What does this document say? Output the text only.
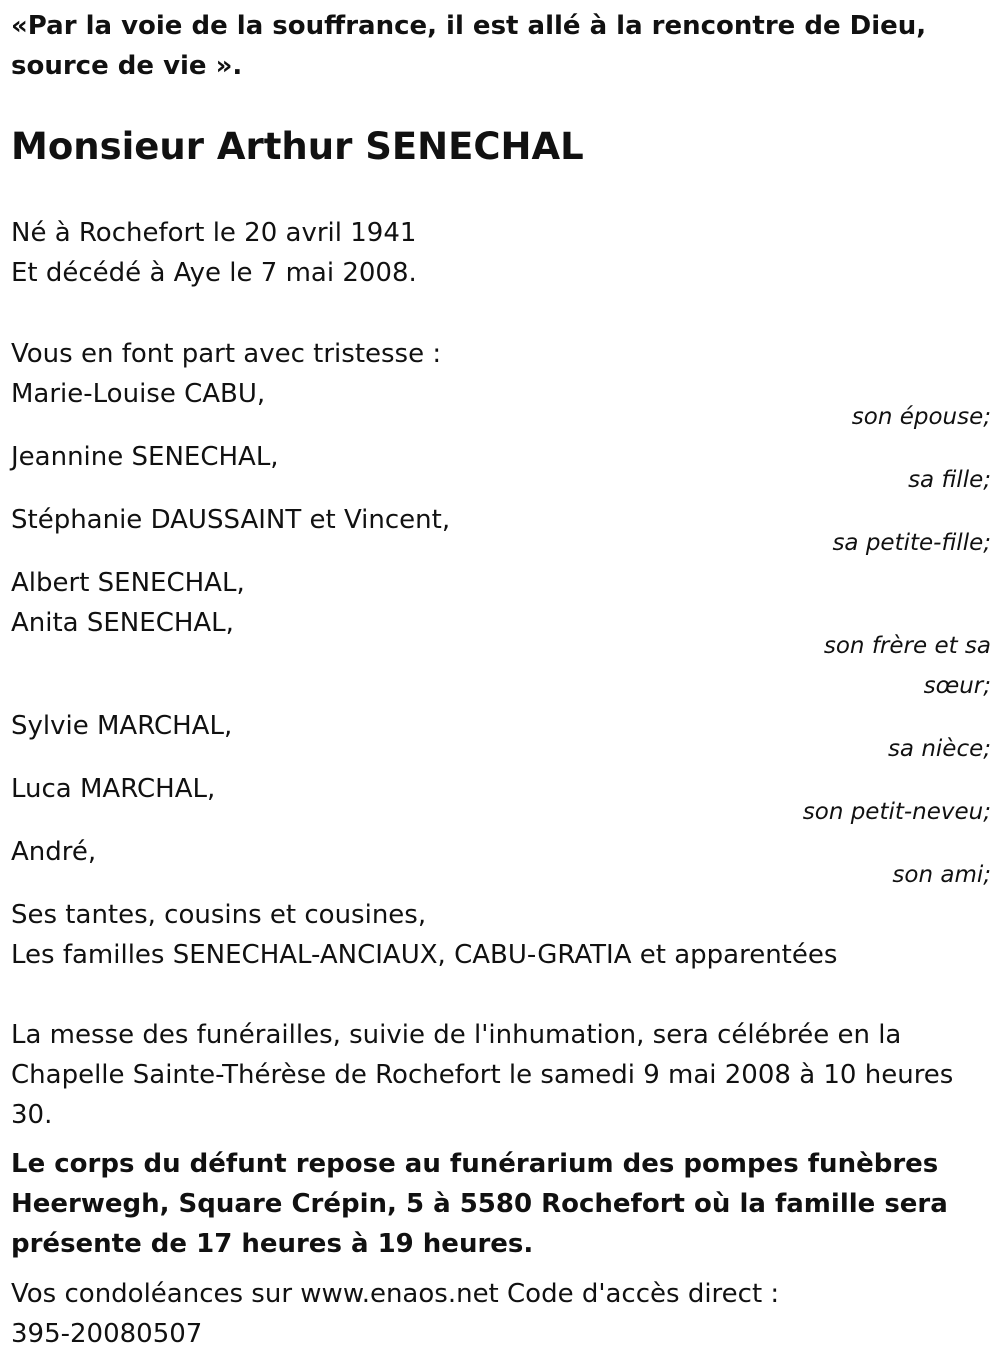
«Par la voie de la souffrance, il est allé à la rencontre de Dieu, source de vie ».
Monsieur Arthur SENECHAL
Né à Rochefort le 20 avril 1941
Et décédé à Aye le 7 mai 2008.
Vous en font part avec tristesse :
Marie-Louise CABU,
son épouse;
Jeannine SENECHAL,
sa fille;
Stéphanie DAUSSAINT et Vincent,
sa petite-fille;
Albert SENECHAL,
Anita SENECHAL,
son frère et sa
sœur;
Sylvie MARCHAL,
sa nièce;
Luca MARCHAL,
son petit-neveu;
André,
son ami;
Ses tantes, cousins et cousines,
Les familles SENECHAL-ANCIAUX, CABU-GRATIA et apparentées
La messe des funérailles, suivie de l'inhumation, sera célébrée en la Chapelle Sainte-Thérèse de Rochefort le samedi 9 mai 2008 à 10 heures 30.
Le corps du défunt repose au funérarium des pompes funèbres Heerwegh, Square Crépin, 5 à 5580 Rochefort où la famille sera présente de 17 heures à 19 heures.
Vos condoléances sur www.enaos.net Code d'accès direct : 395-20080507
